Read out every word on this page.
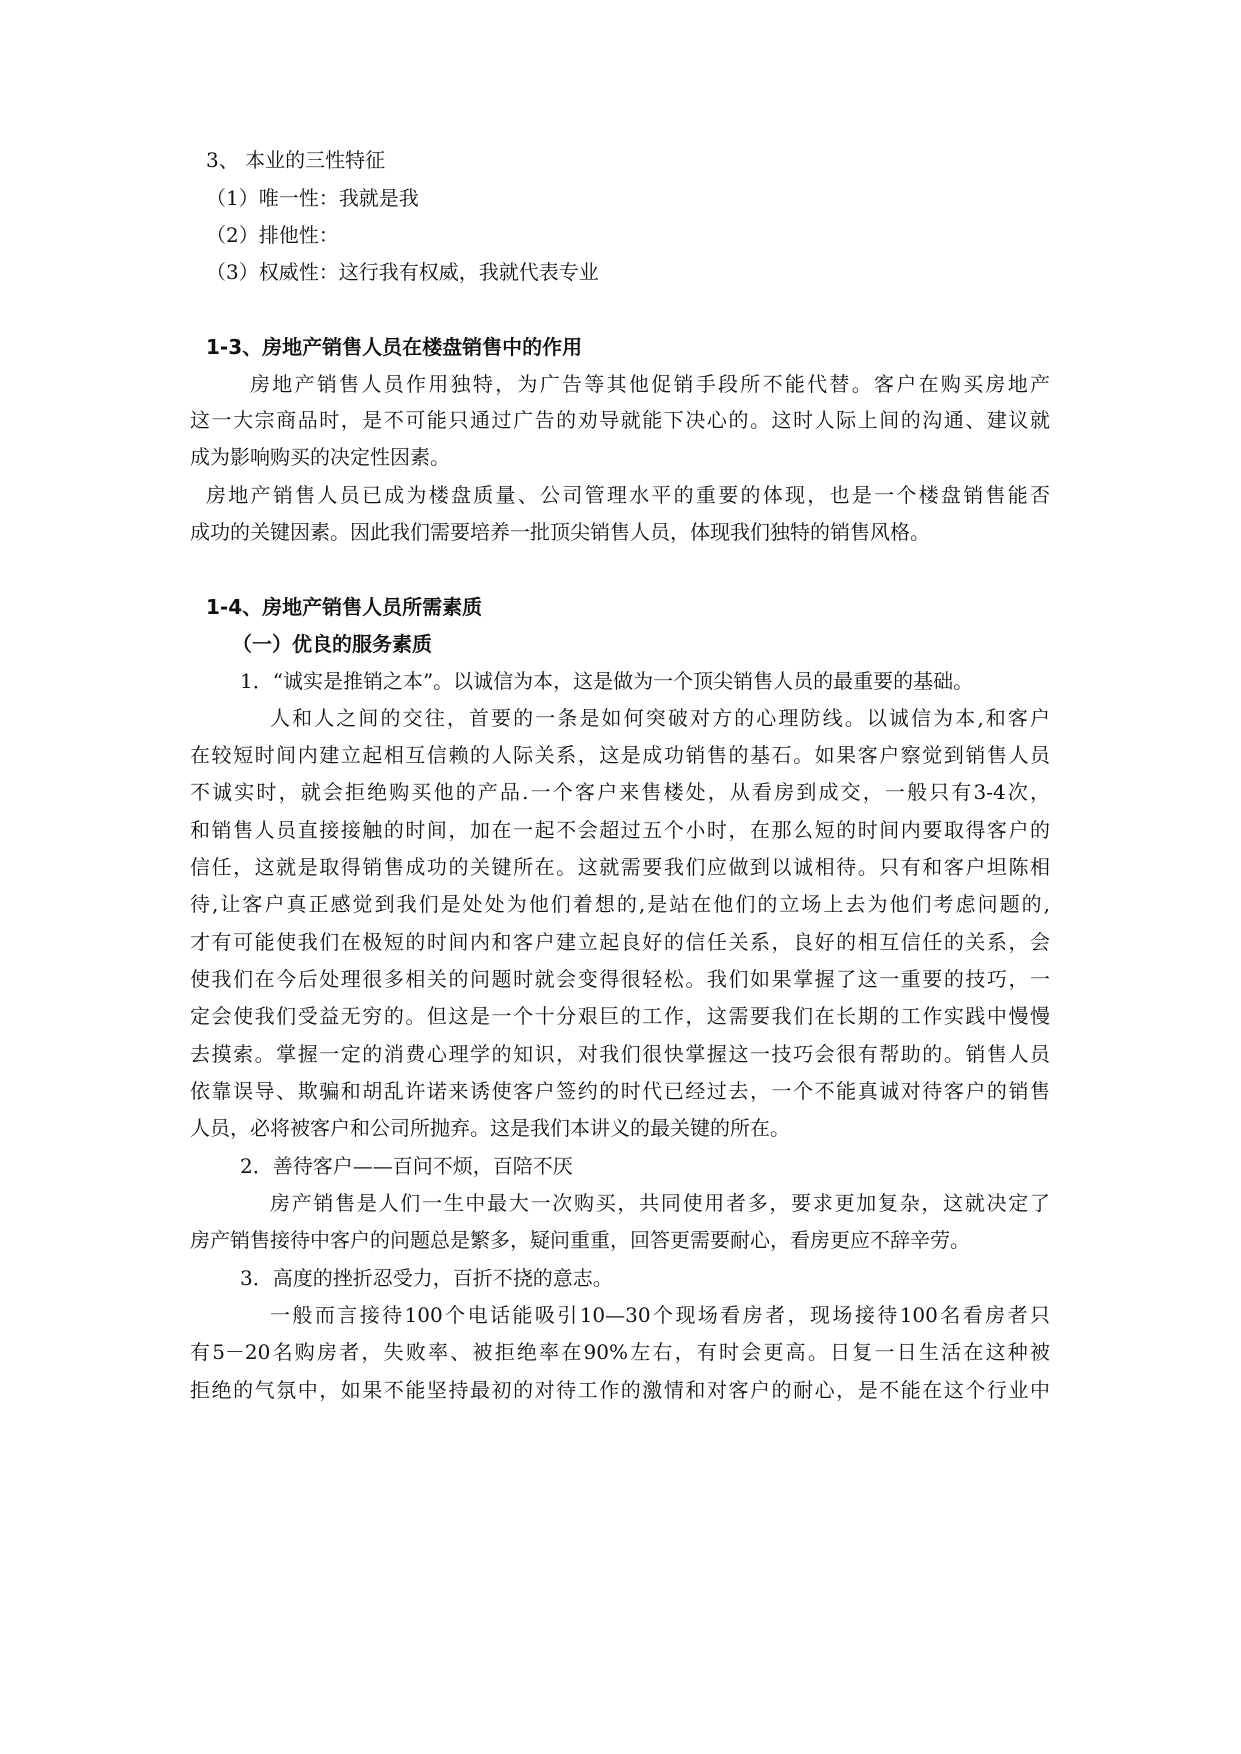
3、 本业的三性特征
（1）唯一性：我就是我
（2）排他性：
（3）权威性：这行我有权威，我就代表专业
1-3、房地产销售人员在楼盘销售中的作用
房地产销售人员作用独特，为广告等其他促销手段所不能代替。客户在购买房地产
这一大宗商品时，是不可能只通过广告的劝导就能下决心的。这时人际上间的沟通、建议就
成为影响购买的决定性因素。
房地产销售人员已成为楼盘质量、公司管理水平的重要的体现，也是一个楼盘销售能否
成功的关键因素。因此我们需要培养一批顶尖销售人员，体现我们独特的销售风格。
1-4、房地产销售人员所需素质
（一）优良的服务素质
1．“诚实是推销之本”。以诚信为本，这是做为一个顶尖销售人员的最重要的基础。
人和人之间的交往，首要的一条是如何突破对方的心理防线。以诚信为本,和客户
在较短时间内建立起相互信赖的人际关系，这是成功销售的基石。如果客户察觉到销售人员
不诚实时，就会拒绝购买他的产品.一个客户来售楼处，从看房到成交，一般只有3-4次，
和销售人员直接接触的时间，加在一起不会超过五个小时，在那么短的时间内要取得客户的
信任，这就是取得销售成功的关键所在。这就需要我们应做到以诚相待。只有和客户坦陈相
待,让客户真正感觉到我们是处处为他们着想的,是站在他们的立场上去为他们考虑问题的,
才有可能使我们在极短的时间内和客户建立起良好的信任关系，良好的相互信任的关系，会
使我们在今后处理很多相关的问题时就会变得很轻松。我们如果掌握了这一重要的技巧，一
定会使我们受益无穷的。但这是一个十分艰巨的工作，这需要我们在长期的工作实践中慢慢
去摸索。掌握一定的消费心理学的知识，对我们很快掌握这一技巧会很有帮助的。销售人员
依靠误导、欺骗和胡乱许诺来诱使客户签约的时代已经过去，一个不能真诚对待客户的销售
人员，必将被客户和公司所抛弃。这是我们本讲义的最关键的所在。
2．善待客户——百问不烦，百陪不厌
房产销售是人们一生中最大一次购买，共同使用者多，要求更加复杂，这就决定了
房产销售接待中客户的问题总是繁多，疑问重重，回答更需要耐心，看房更应不辞辛劳。
3．高度的挫折忍受力，百折不挠的意志。
一般而言接待100个电话能吸引10—30个现场看房者，现场接待100名看房者只
有5－20名购房者，失败率、被拒绝率在90%左右，有时会更高。日复一日生活在这种被
拒绝的气氛中，如果不能坚持最初的对待工作的激情和对客户的耐心，是不能在这个行业中
